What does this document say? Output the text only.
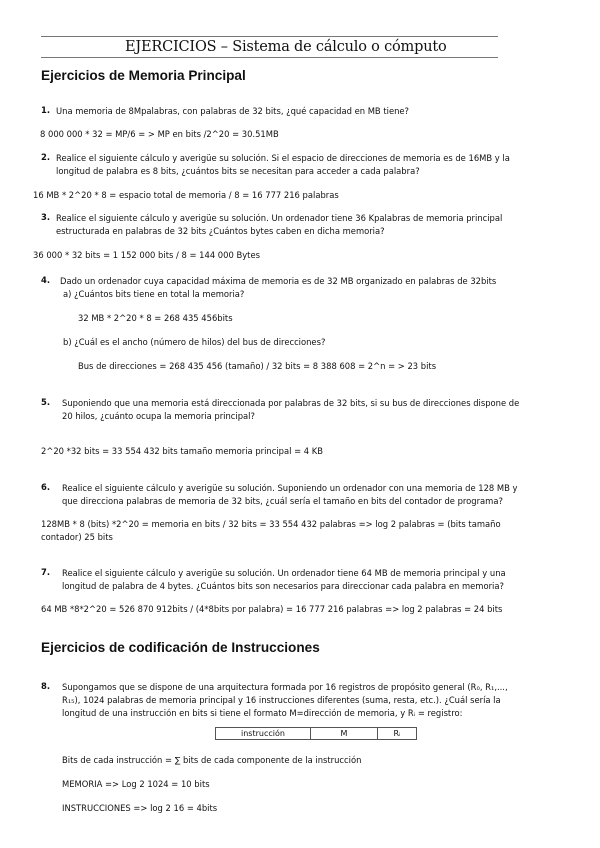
EJERCICIOS – Sistema de cálculo o cómputo
Ejercicios de Memoria Principal
1. Una memoria de 8Mpalabras, con palabras de 32 bits, ¿qué capacidad en MB tiene?
8 000 000 * 32 = MP/6 = > MP en bits /2^20 = 30.51MB
2. Realice el siguiente cálculo y averigüe su solución. Si el espacio de direcciones de memoria es de 16MB y la
longitud de palabra es 8 bits, ¿cuántos bits se necesitan para acceder a cada palabra?
16 MB * 2^20 * 8 = espacio total de memoria / 8 = 16 777 216 palabras
3. Realice el siguiente cálculo y averigüe su solución. Un ordenador tiene 36 Kpalabras de memoria principal
estructurada en palabras de 32 bits ¿Cuántos bytes caben en dicha memoria?
36 000 * 32 bits = 1 152 000 bits / 8 = 144 000 Bytes
4. Dado un ordenador cuya capacidad máxima de memoria es de 32 MB organizado en palabras de 32bits
a) ¿Cuántos bits tiene en total la memoria?
32 MB * 2^20 * 8 = 268 435 456bits
b) ¿Cuál es el ancho (número de hilos) del bus de direcciones?
Bus de direcciones = 268 435 456 (tamaño) / 32 bits = 8 388 608 = 2^n = > 23 bits
5. Suponiendo que una memoria está direccionada por palabras de 32 bits, si su bus de direcciones dispone de
20 hilos, ¿cuánto ocupa la memoria principal?
2^20 *32 bits = 33 554 432 bits tamaño memoria principal = 4 KB
6. Realice el siguiente cálculo y averigüe su solución. Suponiendo un ordenador con una memoria de 128 MB y
que direcciona palabras de memoria de 32 bits, ¿cuál sería el tamaño en bits del contador de programa?
128MB * 8 (bits) *2^20 = memoria en bits / 32 bits = 33 554 432 palabras => log 2 palabras = (bits tamaño
contador) 25 bits
7. Realice el siguiente cálculo y averigüe su solución. Un ordenador tiene 64 MB de memoria principal y una
longitud de palabra de 4 bytes. ¿Cuántos bits son necesarios para direccionar cada palabra en memoria?
64 MB *8*2^20 = 526 870 912bits / (4*8bits por palabra) = 16 777 216 palabras => log 2 palabras = 24 bits
Ejercicios de codificación de Instrucciones
8. Supongamos que se dispone de una arquitectura formada por 16 registros de propósito general (R₀, R₁,...,
R₁₅), 1024 palabras de memoria principal y 16 instrucciones diferentes (suma, resta, etc.). ¿Cuál sería la
longitud de una instrucción en bits si tiene el formato M=dirección de memoria, y Rᵢ = registro:
instrucción	M	Rᵢ
Bits de cada instrucción = ∑ bits de cada componente de la instrucción
MEMORIA => Log 2 1024 = 10 bits
INSTRUCCIONES => log 2 16 = 4bits
